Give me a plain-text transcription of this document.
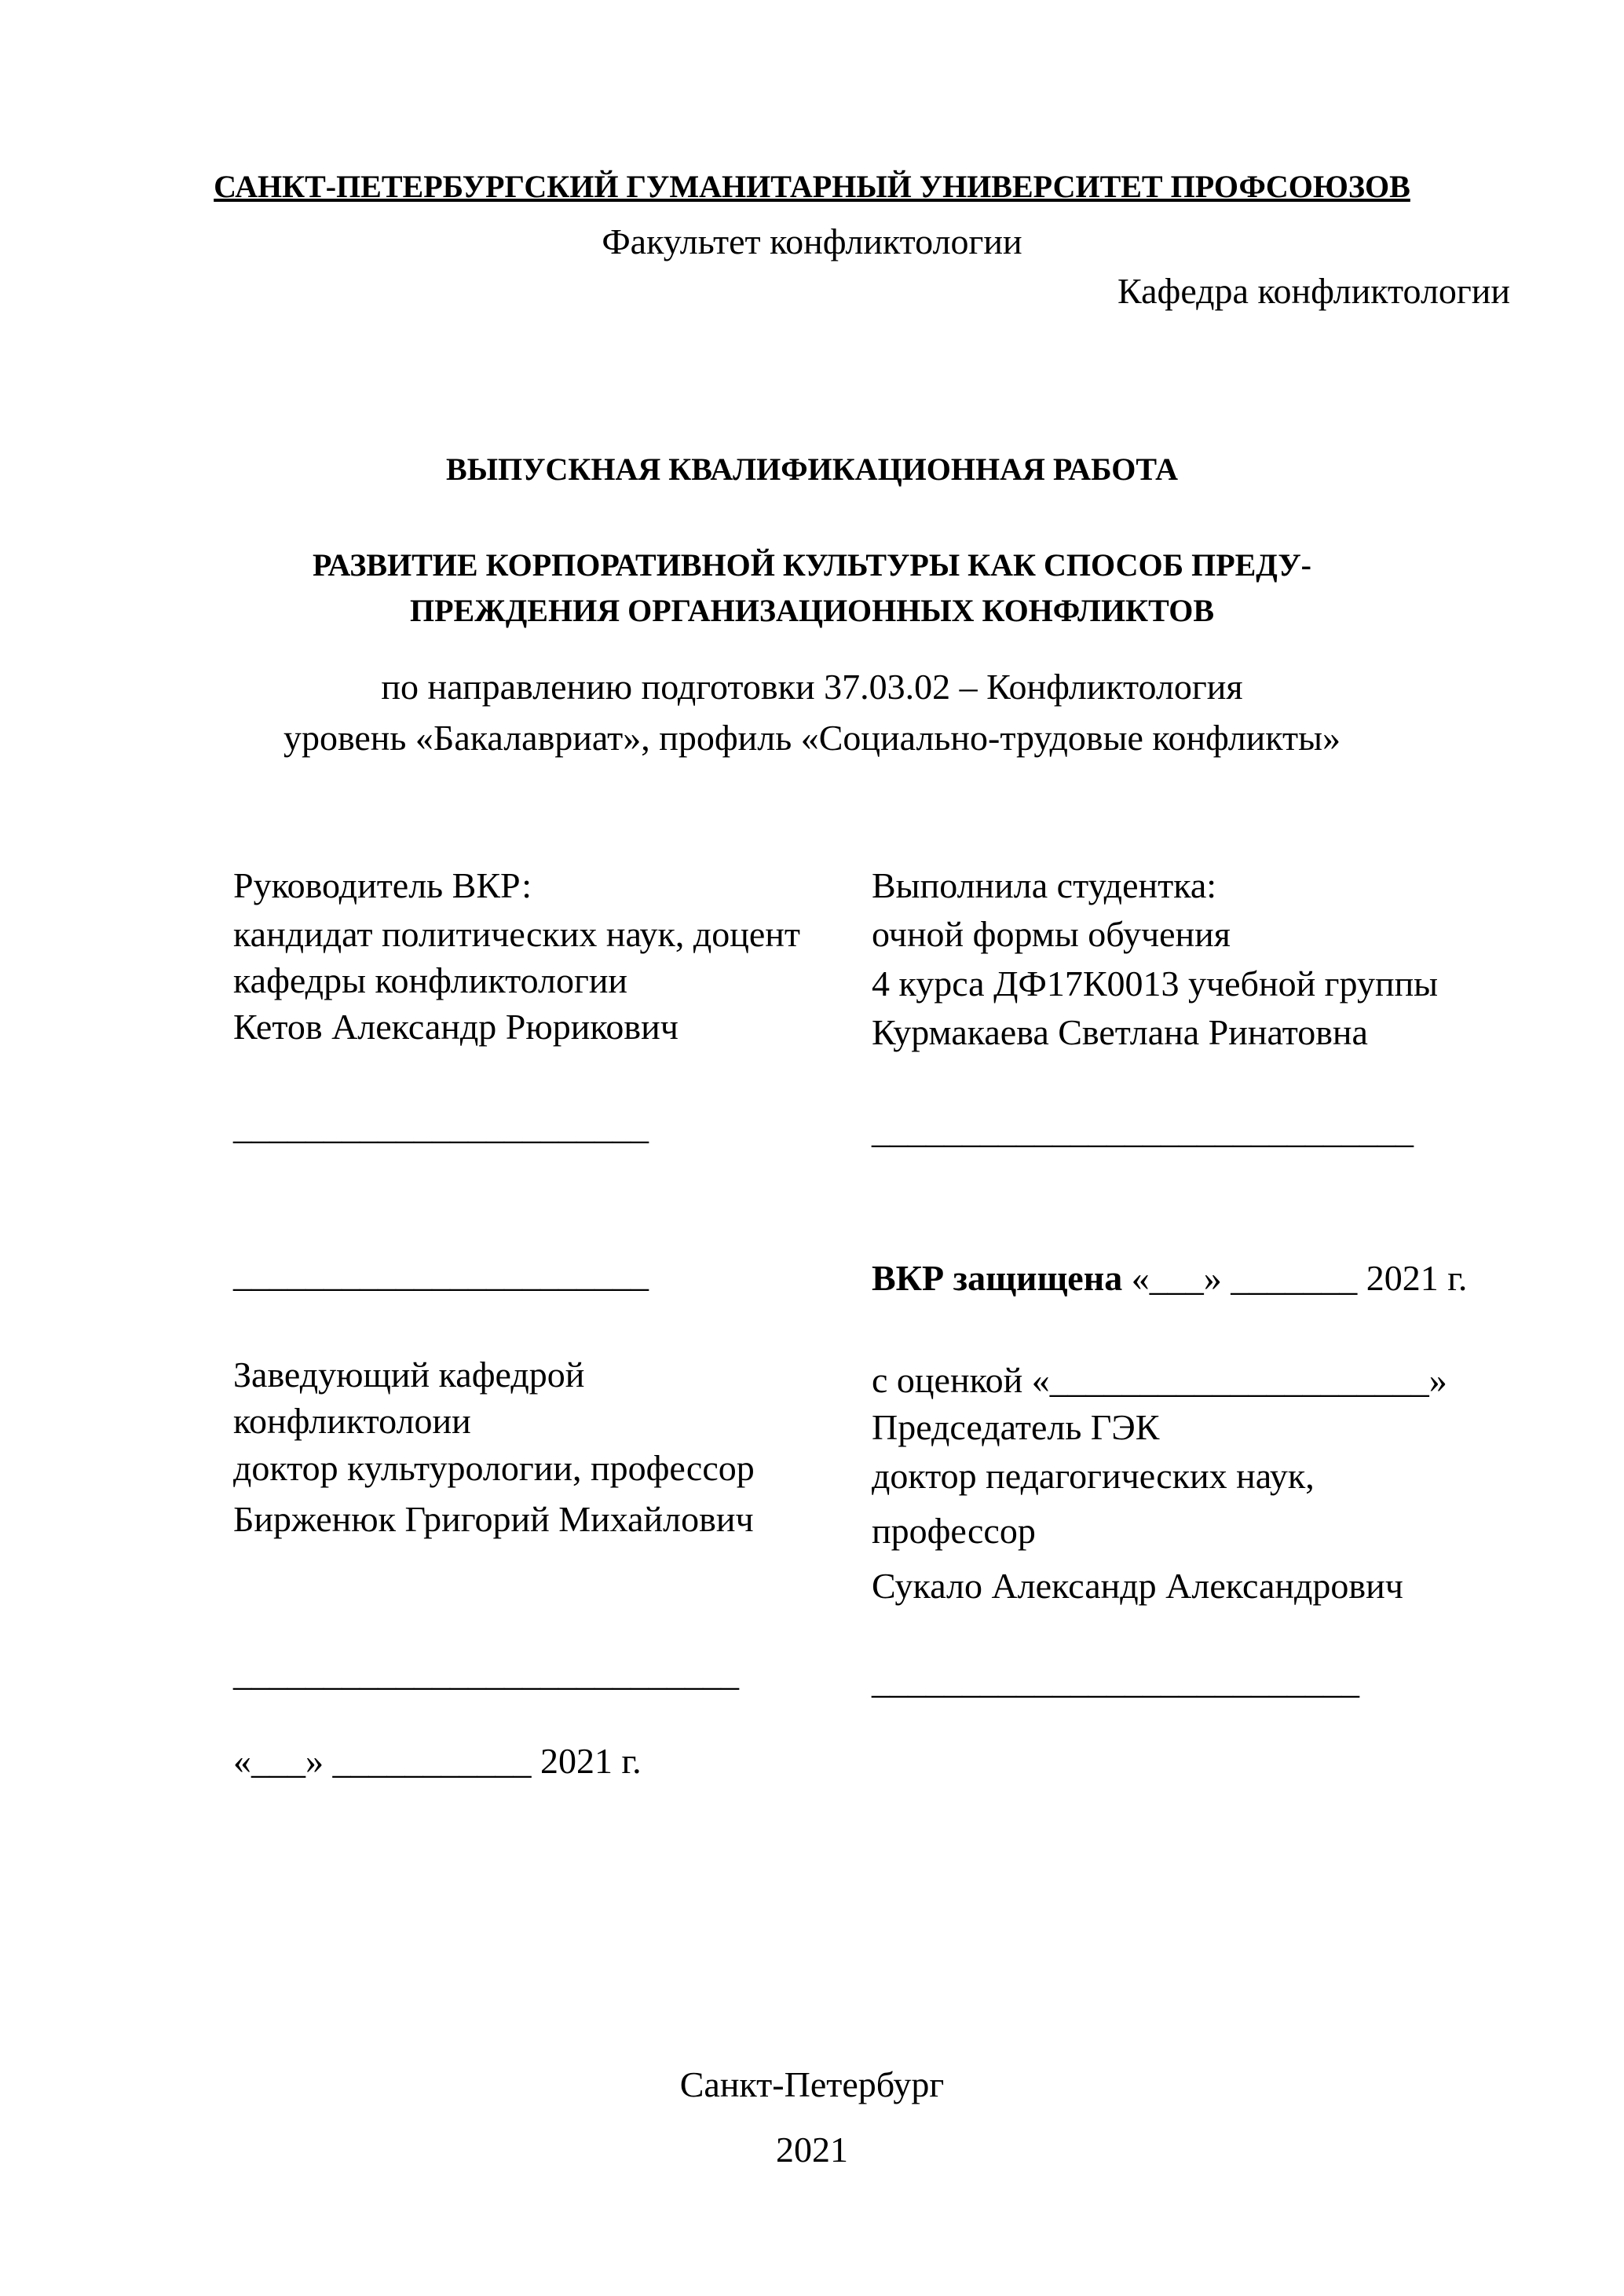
САНКТ-ПЕТЕРБУРГСКИЙ ГУМАНИТАРНЫЙ УНИВЕРСИТЕТ ПРОФСОЮЗОВ
Факультет конфликтологии
Кафедра конфликтологии
ВЫПУСКНАЯ КВАЛИФИКАЦИОННАЯ РАБОТА
РАЗВИТИЕ КОРПОРАТИВНОЙ КУЛЬТУРЫ КАК СПОСОБ ПРЕДУ-
ПРЕЖДЕНИЯ ОРГАНИЗАЦИОННЫХ КОНФЛИКТОВ
по направлению подготовки 37.03.02 – Конфликтология
уровень «Бакалавриат», профиль «Социально-трудовые конфликты»
Руководитель ВКР:
кандидат политических наук, доцент
кафедры конфликтологии
Кетов Александр Рюрикович
_______________________
_______________________
Выполнила студентка:
очной формы обучения
4 курса ДФ17К0013 учебной группы
Курмакаева Светлана Ринатовна
______________________________
ВКР защищена «___» _______ 2021 г.
с оценкой «_____________________»
Заведующий кафедрой
конфликтолоии
доктор культурологии, профессор
Бирженюк Григорий Михайлович
____________________________
«___» ___________ 2021 г.
Председатель ГЭК
доктор педагогических наук,
профессор
Сукало Александр Александрович
___________________________
Санкт-Петербург
2021
